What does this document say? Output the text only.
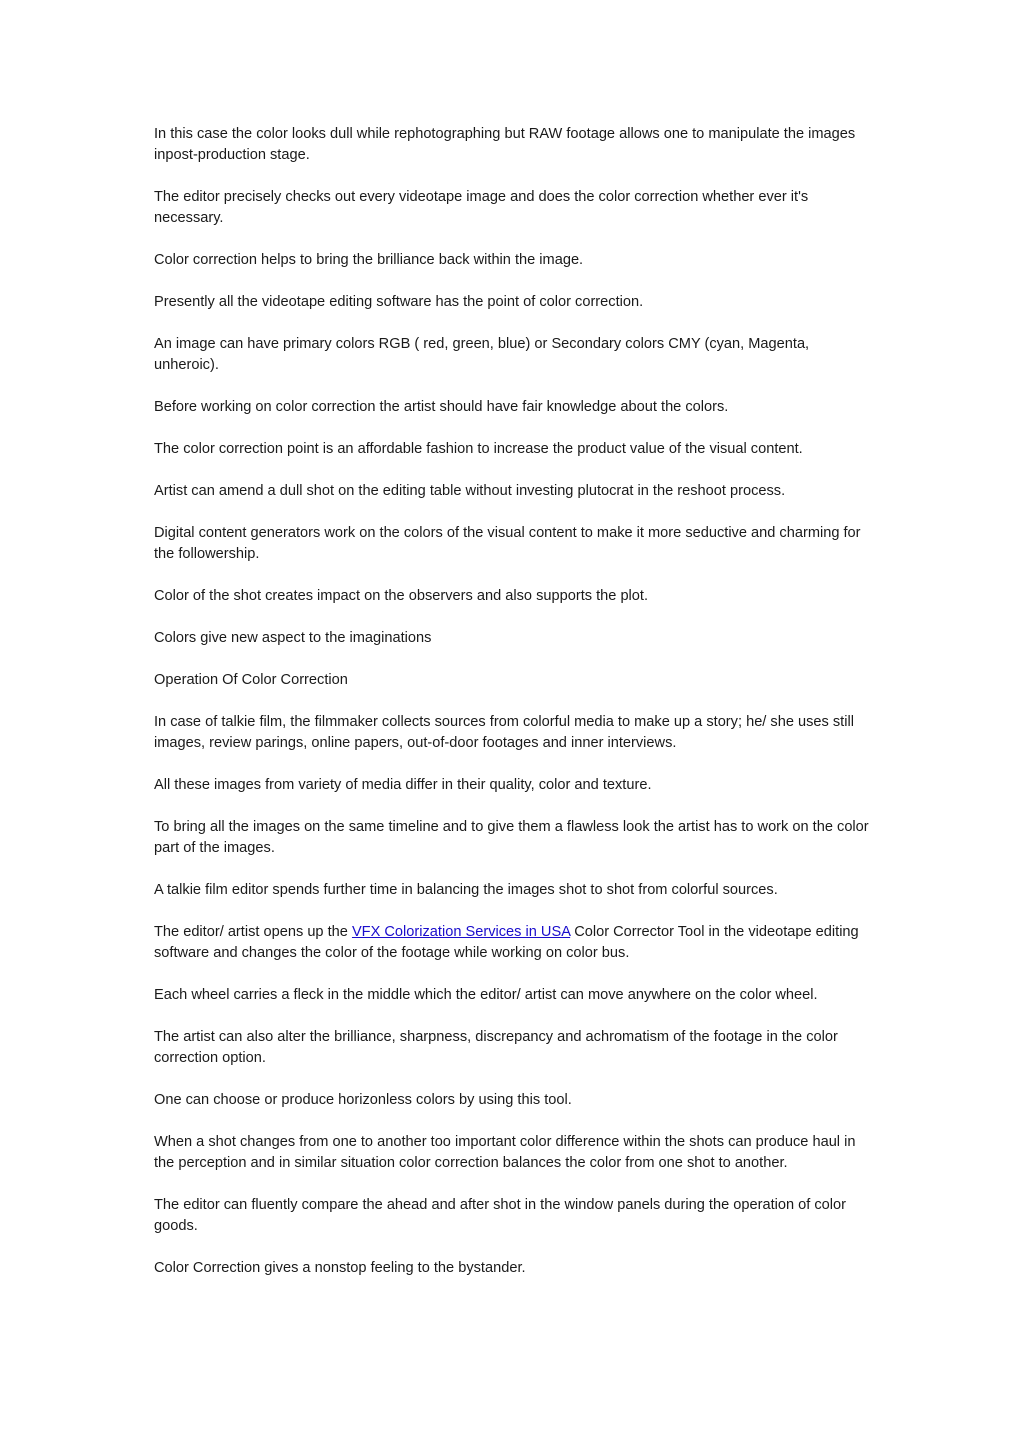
In this case the color looks dull while rephotographing but RAW footage allows one to manipulate the images inpost-production stage.

The editor precisely checks out every videotape image and does the color correction whether ever it's necessary.

Color correction helps to bring the brilliance back within the image.

Presently all the videotape editing software has the point of color correction.

An image can have primary colors RGB ( red, green, blue) or Secondary colors CMY (cyan, Magenta, unheroic).

Before working on color correction the artist should have fair knowledge about the colors.

The color correction point is an affordable fashion to increase the product value of the visual content.

Artist can amend a dull shot on the editing table without investing plutocrat in the reshoot process.

Digital content generators work on the colors of the visual content to make it more seductive and charming for the followership.

Color of the shot creates impact on the observers and also supports the plot.

Colors give new aspect to the imaginations

Operation Of Color Correction

In case of talkie film, the filmmaker collects sources from colorful media to make up a story; he/ she uses still images, review parings, online papers, out-of-door footages and inner interviews.

All these images from variety of media differ in their quality, color and texture.

To bring all the images on the same timeline and to give them a flawless look the artist has to work on the color part of the images.

A talkie film editor spends further time in balancing the images shot to shot from colorful sources.

The editor/ artist opens up the VFX Colorization Services in USA Color Corrector Tool in the videotape editing software and changes the color of the footage while working on color bus.

Each wheel carries a fleck in the middle which the editor/ artist can move anywhere on the color wheel.

The artist can also alter the brilliance, sharpness, discrepancy and achromatism of the footage in the color correction option.

One can choose or produce horizonless colors by using this tool.

When a shot changes from one to another too important color difference within the shots can produce haul in the perception and in similar situation color correction balances the color from one shot to another.

The editor can fluently compare the ahead and after shot in the window panels during the operation of color goods.

Color Correction gives a nonstop feeling to the bystander.
